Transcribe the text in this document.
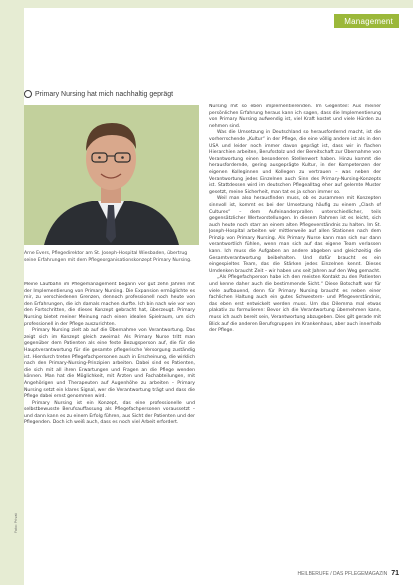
Management
Primary Nursing hat mich nachhaltig geprägt
Arne Evers, Pflegedirektor am St. Joseph-Hospital Wiesbaden, übertrug seine Erfahrungen mit dem Pflegeorganisationskonzept Primary Nursing.

Meine Laufbahn im Pflegemanagement begann vor gut zehn Jahren mit der Implementierung von Primary Nursing. Die Expansion ermöglichte es mir, zu verschiedenen Grenzen, dennoch professionell noch heute von den Erfahrungen, die ich damals machen durfte. Ich bin nach wie vor von den Fortschritten, die dieses Konzept gebracht hat, überzeugt. Primary Nursing bietet meiner Meinung nach einen idealen Spielraum, um sich professionell in der Pflege auszurichten.

Primary Nursing zielt ab auf die Übernahme von Verantwortung. Das zeigt sich im Konzept gleich zweimal: Als Primary Nurse tritt man gegenüber dem Patienten als eine feste Bezugsperson auf, die für die Hauptverantwortung für die gesamte pflegerische Versorgung zuständig ist. Hierdurch treten Pflegefachpersonen auch in Erscheinung, die wirklich nach den Primary-Nursing-Prinzipien arbeiten. Dabei sind es Patienten, die sich mit all ihren Erwartungen und Fragen an die Pflege wenden können. Man hat die Möglichkeit, mit Ärzten und Fachabteilungen, mit Angehörigen und Therapeuten auf Augenhöhe zu arbeiten – Primary Nursing setzt ein klares Signal, wer die Verantwortung trägt und dass die Pflege dabei ernst genommen wird.

Primary Nursing ist ein Konzept, das eine professionelle und selbstbewusste Berufsauffassung als Pflegefachpersonen voraussetzt – und dann kann es zu einem Erfolg führen, aus Sicht der Patienten und der Pflegenden. Doch ich weiß auch, dass es noch viel Arbeit erfordert.

Nursing mit so eben implementierenden. Im Gegenteil: Aus meiner persönlichen Erfahrung heraus kann ich sagen, dass die Implementierung von Primary Nursing aufwendig ist, viel Kraft kostet und viele Hürden zu nehmen sind.

Was die Umsetzung in Deutschland so herausfordernd macht, ist die vorherrschende „Kultur“ in der Pflege, die eine völlig andere ist als in den USA und leider noch immer davon geprägt ist, dass wir in flachen Hierarchien arbeiten, Berufsstolz und der Bereitschaft zur Übernahme von Verantwortung einen besonderen Stellenwert haben. Hinzu kommt die herausfordernde, gering ausgeprägte Kultur, in der Kompetenzen der eigenen Kolleginnen und Kollegen zu vertrauen – was neben der Verantwortung jedes Einzelnen auch Sinn des Primary-Nursing-Konzepts ist. Stattdessen wird im deutschen Pflegealltag eher auf gelernte Muster gesetzt, meine Sicherheit, man tat es ja schon immer so.

Weil man also herausfinden muss, ob es zusammen mit Konzepten sinnvoll ist, kommt es bei der Umsetzung häufig zu einem „Clash of Cultures“ – dem Aufeinanderprallen unterschiedlicher, teils gegensätzlicher Wertvorstellungen. In diesem Rahmen ist es leicht, sich auch heute noch starr an einem alten Pflegeverständnis zu halten. Im St. Joseph-Hospital arbeiten wir mittlerweile auf allen Stationen nach dem Prinzip von Primary Nursing. Als Primary Nurse kann man sich nur dann verantwortlich fühlen, wenn man sich auf das eigene Team verlassen kann. Ich muss die Aufgaben an andere abgeben und gleichzeitig die Gesamtverantwortung beibehalten. Und dafür braucht es ein eingespieltes Team, das die Stärken jedes Einzelnen kennt. Dieses Umdenken braucht Zeit – wir haben uns seit Jahren auf den Weg gemacht.

„Als Pflegefachperson habe ich den meisten Kontakt zu den Patienten und kenne daher auch die bestimmende Sicht.“ Diese Botschaft war für viele aufbauend, denn für Primary Nursing braucht es neben einer fachlichen Haltung auch ein gutes Schwestern- und Pflegeverständnis, das eben erst entwickelt werden muss. Um das Dilemma mal etwas plakativ zu formulieren: Bevor ich die Verantwortung übernehmen kann, muss ich auch bereit sein, Verantwortung abzugeben. Dies gilt gerade mit Blick auf die anderen Berufsgruppen im Krankenhaus, aber auch innerhalb der Pflege.

Foto: Privat
HEILBERUFE / DAS PFLEGEMAGAZIN 71
